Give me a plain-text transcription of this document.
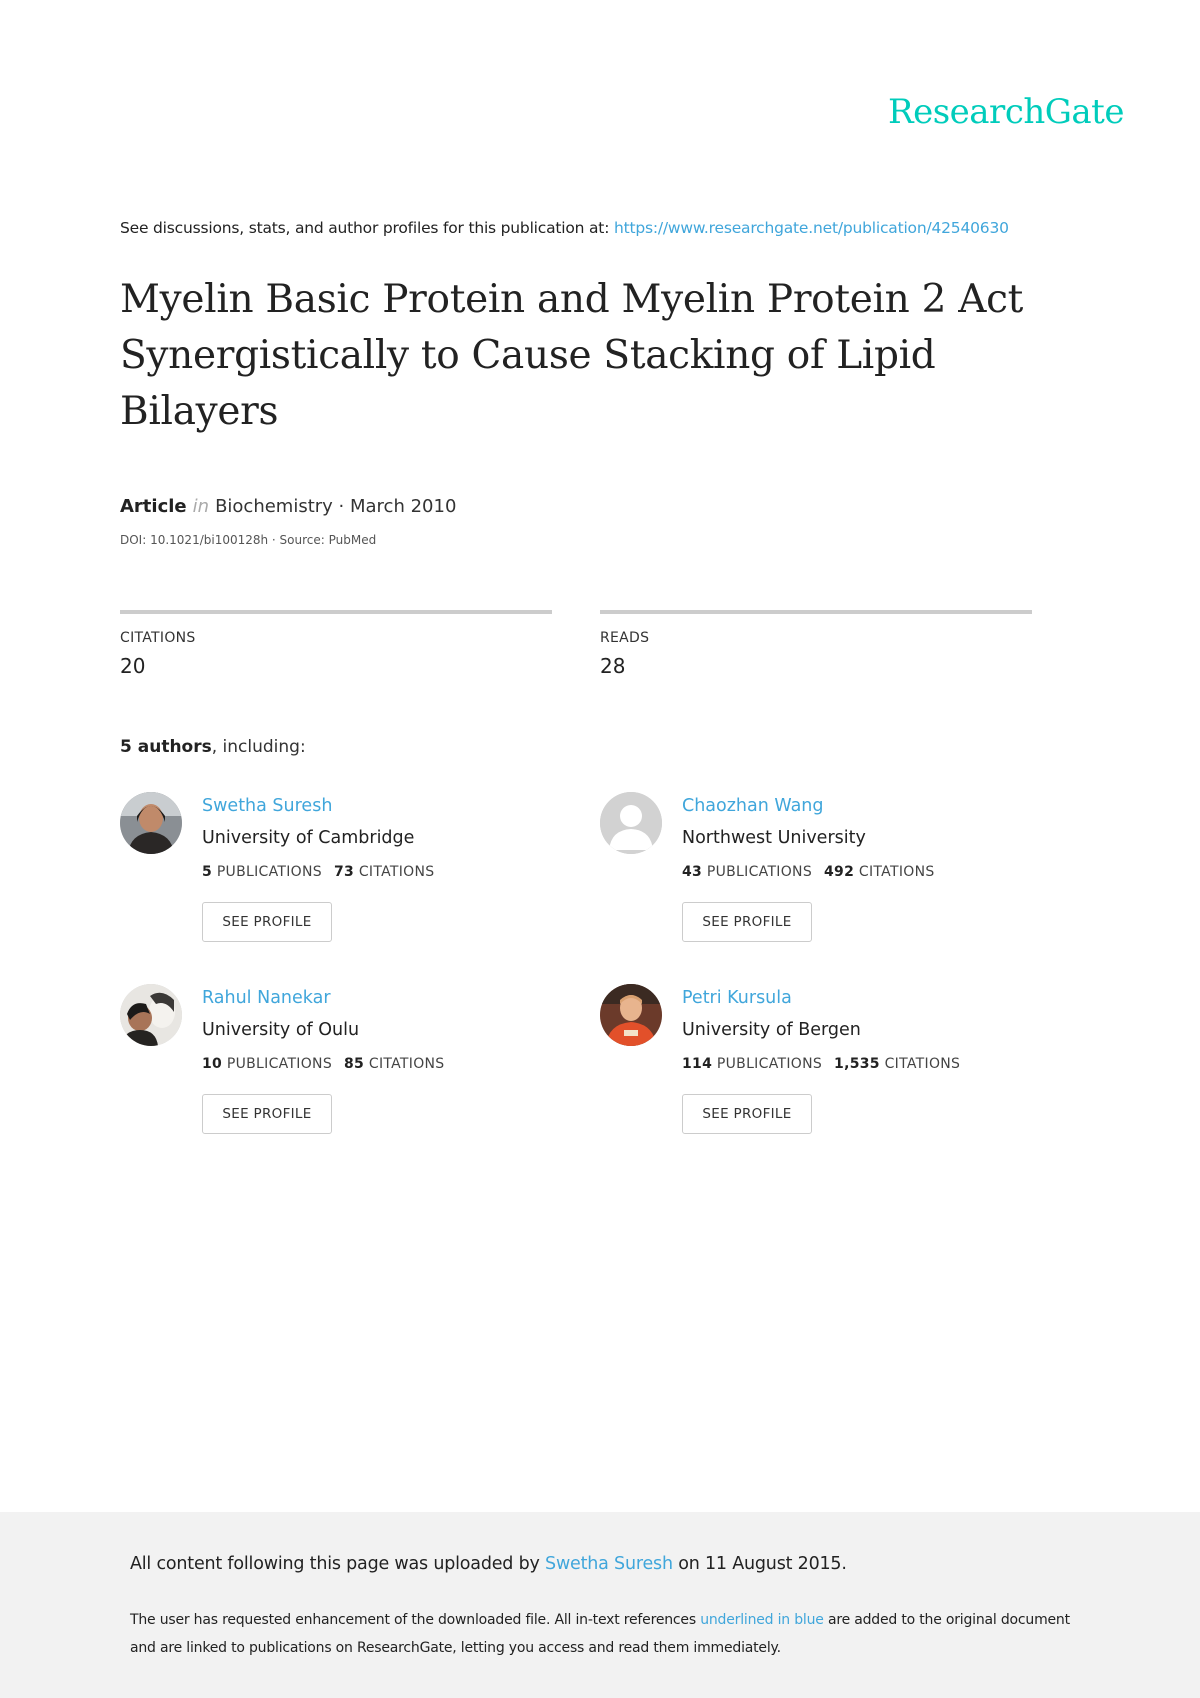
ResearchGate
See discussions, stats, and author profiles for this publication at: https://www.researchgate.net/publication/42540630
Myelin Basic Protein and Myelin Protein 2 Act Synergistically to Cause Stacking of Lipid Bilayers
Article in Biochemistry · March 2010
DOI: 10.1021/bi100128h · Source: PubMed
CITATIONS
20
READS
28
5 authors, including:
Swetha Suresh
University of Cambridge
5 PUBLICATIONS 73 CITATIONS
SEE PROFILE
Chaozhan Wang
Northwest University
43 PUBLICATIONS 492 CITATIONS
SEE PROFILE
Rahul Nanekar
University of Oulu
10 PUBLICATIONS 85 CITATIONS
SEE PROFILE
Petri Kursula
University of Bergen
114 PUBLICATIONS 1,535 CITATIONS
SEE PROFILE
All content following this page was uploaded by Swetha Suresh on 11 August 2015.
The user has requested enhancement of the downloaded file. All in-text references underlined in blue are added to the original document and are linked to publications on ResearchGate, letting you access and read them immediately.
